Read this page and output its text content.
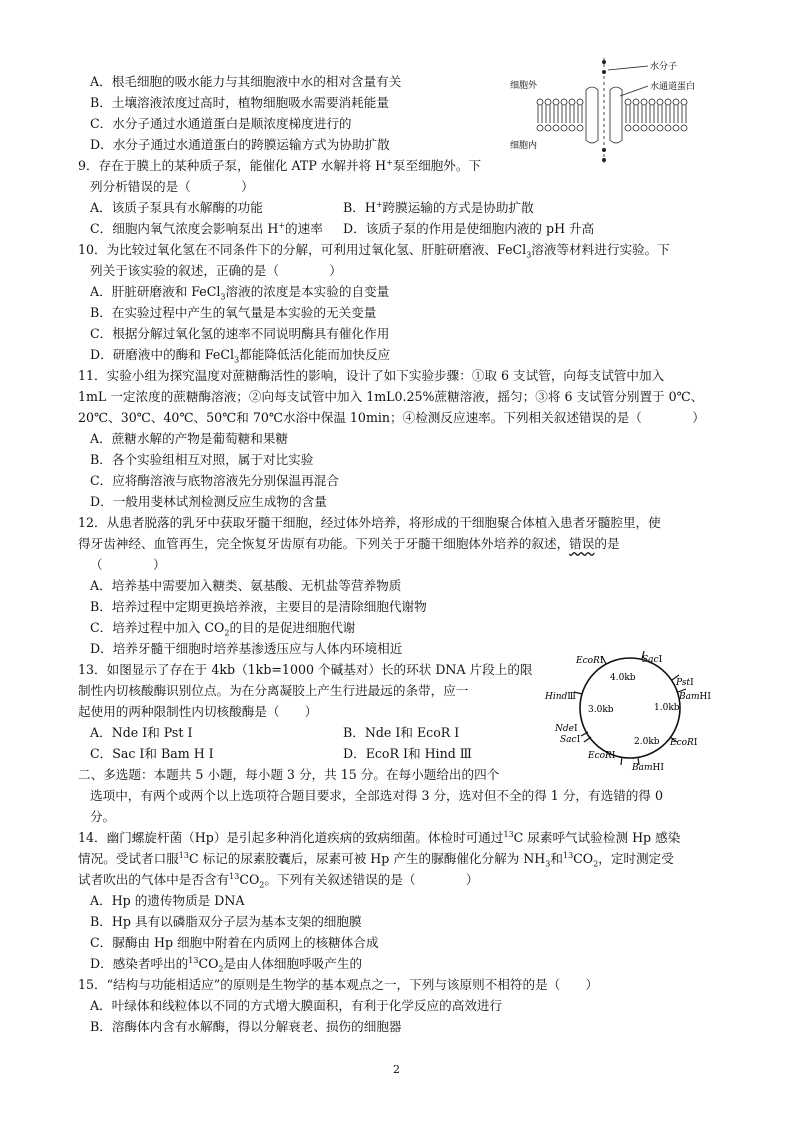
A．根毛细胞的吸水能力与其细胞液中水的相对含量有关
B．土壤溶液浓度过高时，植物细胞吸水需要消耗能量
C．水分子通过水通道蛋白是顺浓度梯度进行的
D．水分子通过水通道蛋白的跨膜运输方式为协助扩散
水分子
水通道蛋白
细胞外
细胞内
9．存在于膜上的某种质子泵，能催化 ATP 水解并将 H+泵至细胞外。下
列分析错误的是（　　　　）
A．该质子泵具有水解酶的功能	B．H+跨膜运输的方式是协助扩散
C．细胞内氧气浓度会影响泵出 H+的速率 D．该质子泵的作用是使细胞内液的 pH 升高
10．为比较过氧化氢在不同条件下的分解，可利用过氧化氢、肝脏研磨液、FeCl$_3$溶液等材料进行实验。下
列关于该实验的叙述，正确的是（　　　　）
A．肝脏研磨液和 FeCl$_3$溶液的浓度是本实验的自变量
B．在实验过程中产生的氧气量是本实验的无关变量
C．根据分解过氧化氢的速率不同说明酶具有催化作用
D．研磨液中的酶和 FeCl$_3$都能降低活化能而加快反应
11．实验小组为探究温度对蔗糖酶活性的影响，设计了如下实验步骤：①取 6 支试管，向每支试管中加入
1mL 一定浓度的蔗糖酶溶液；②向每支试管中加入 1mL0.25%蔗糖溶液，摇匀；③将 6 支试管分别置于 0℃、
20℃、30℃、40℃、50℃和 70℃水浴中保温 10min；④检测反应速率。下列相关叙述错误的是（　　　　）
A．蔗糖水解的产物是葡萄糖和果糖
B．各个实验组相互对照，属于对比实验
C．应将酶溶液与底物溶液先分别保温再混合
D．一般用斐林试剂检测反应生成物的含量
12．从患者脱落的乳牙中获取牙髓干细胞，经过体外培养，将形成的干细胞聚合体植入患者牙髓腔里，使
得牙齿神经、血管再生，完全恢复牙齿原有功能。下列关于牙髓干细胞体外培养的叙述，错误的是
（　　　　）
A．培养基中需要加入糖类、氨基酸、无机盐等营养物质
B．培养过程中定期更换培养液，主要目的是清除细胞代谢物
C．培养过程中加入 $CO_2$的目的是促进细胞代谢
D．培养牙髓干细胞时培养基渗透压应与人体内环境相近
13．如图显示了存在于 4kb（1kb=1000 个碱基对）长的环状 DNA 片段上的限
制性内切核酸酶识别位点。为在分离凝胶上产生行进最远的条带，应一
起使用的两种限制性内切核酸酶是（　　）
A．Nde Ⅰ和 Pst Ⅰ	B．Nde Ⅰ和 EcoR Ⅰ
C．Sac Ⅰ和 Bam H Ⅰ	D．EcoR Ⅰ和 Hind Ⅲ
EcoRⅠ	SacⅠ
PstⅠ
BamHⅠ
HindⅢ
NdeⅠ
SacⅠ
EcoRⅠ
BamHⅠ
EcoRⅠ
4.0kb
1.0kb
3.0kb
2.0kb
二、多选题：本题共 5 小题，每小题 3 分，共 15 分。在每小题给出的四个
选项中，有两个或两个以上选项符合题目要求，全部选对得 3 分，选对但不全的得 1 分，有选错的得 0
分。
14．幽门螺旋杆菌（Hp）是引起多种消化道疾病的致病细菌。体检时可通过$^{13}$C 尿素呼气试验检测 Hp 感染
情况。受试者口服$^{13}$C 标记的尿素胶囊后，尿素可被 Hp 产生的脲酶催化分解为 $NH_3$和$^{13}CO_2$，定时测定受
试者吹出的气体中是否含有$^{13}CO_2$。下列有关叙述错误的是（　　　　）
A．Hp 的遗传物质是 DNA
B．Hp 具有以磷脂双分子层为基本支架的细胞膜
C．脲酶由 Hp 细胞中附着在内质网上的核糖体合成
D．感染者呼出的$^{13}CO_2$是由人体细胞呼吸产生的
15．“结构与功能相适应”的原则是生物学的基本观点之一，下列与该原则不相符的是（　　）
A．叶绿体和线粒体以不同的方式增大膜面积，有利于化学反应的高效进行
B．溶酶体内含有水解酶，得以分解衰老、损伤的细胞器
2
